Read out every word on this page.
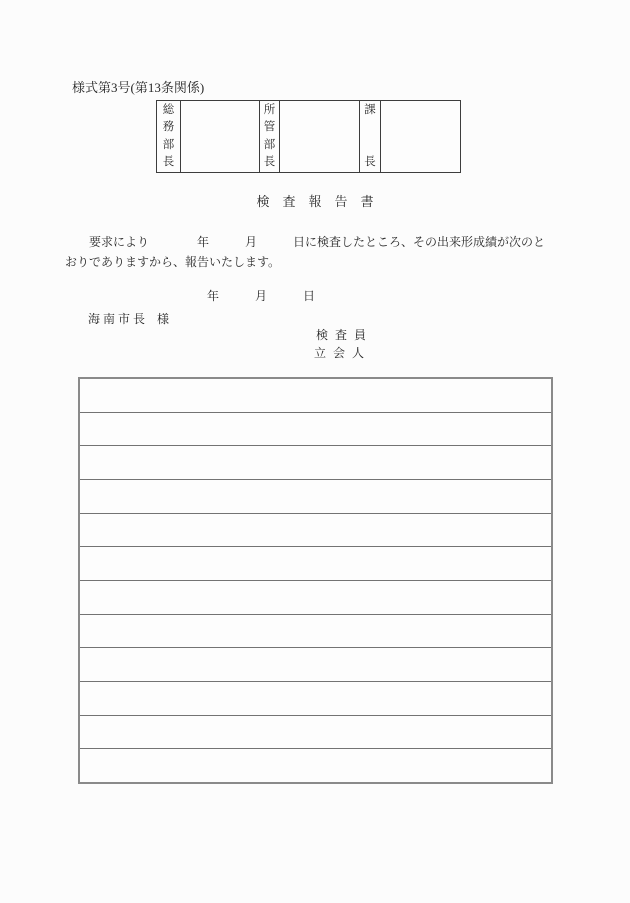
様式第3号(第13条関係)
総
務
部
長
所
管
部
長
課
長
検　査　報　告　書
　　要求により　　　　年　　　月　　　日に検査したところ、その出来形成績が次のと
おりでありますから、報告いたします。
年　　　月　　　日
海 南 市 長　様
検 査 員
立 会 人
